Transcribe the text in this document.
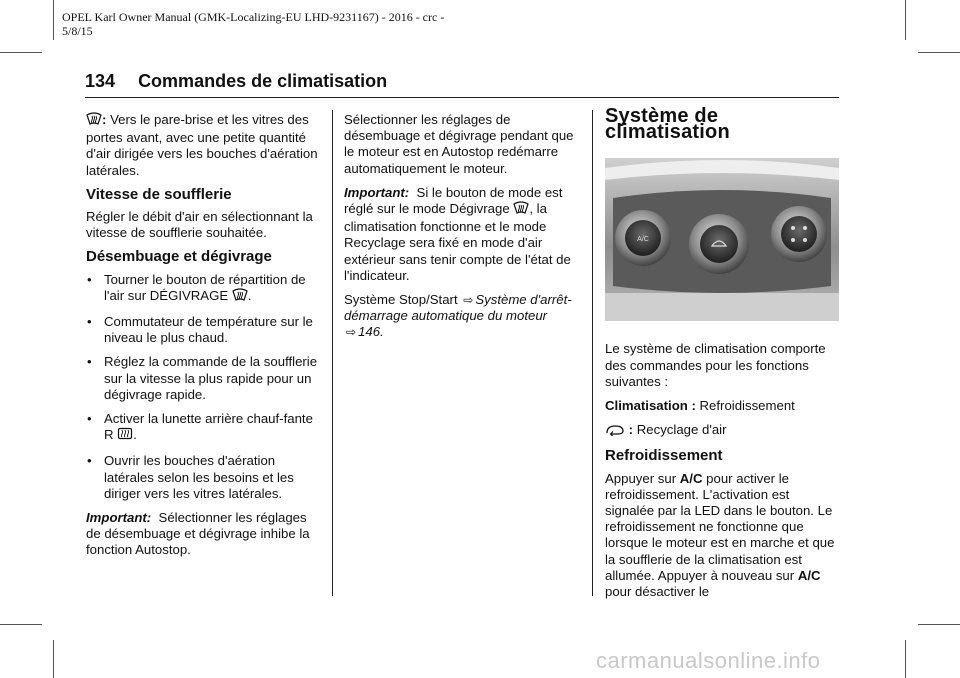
OPEL Karl Owner Manual (GMK-Localizing-EU LHD-9231167) - 2016 - crc -
5/8/15
134 Commandes de climatisation

: Vers le pare-brise et les vitres des portes avant, avec une petite quantité d'air dirigée vers les bouches d'aération latérales.

Vitesse de soufflerie

Régler le débit d'air en sélectionnant la vitesse de soufflerie souhaitée.

Désembuage et dégivrage
• Tourner le bouton de répartition de l'air sur DÉGIVRAGE .
• Commutateur de température sur le niveau le plus chaud.
• Réglez la commande de la soufflerie sur la vitesse la plus rapide pour un dégivrage rapide.
• Activer la lunette arrière chauf-fante R .
• Ouvrir les bouches d'aération latérales selon les besoins et les diriger vers les vitres latérales.

Important: Sélectionner les réglages de désembuage et dégivrage inhibe la fonction Autostop.

Sélectionner les réglages de désembuage et dégivrage pendant que le moteur est en Autostop redémarre automatiquement le moteur.

Important: Si le bouton de mode est réglé sur le mode Dégivrage , la climatisation fonctionne et le mode Recyclage sera fixé en mode d'air extérieur sans tenir compte de l'état de l'indicateur.

Système Stop/Start ⇨ Système d'arrêt-démarrage automatique du moteur ⇨ 146.

Système de climatisation
A/C

Le système de climatisation comporte des commandes pour les fonctions suivantes :

Climatisation : Refroidissement

: Recyclage d'air

Refroidissement

Appuyer sur A/C pour activer le refroidissement. L'activation est signalée par la LED dans le bouton. Le refroidissement ne fonctionne que lorsque le moteur est en marche et que la soufflerie de la climatisation est allumée. Appuyer à nouveau sur A/C pour désactiver le

carmanualsonline.info
